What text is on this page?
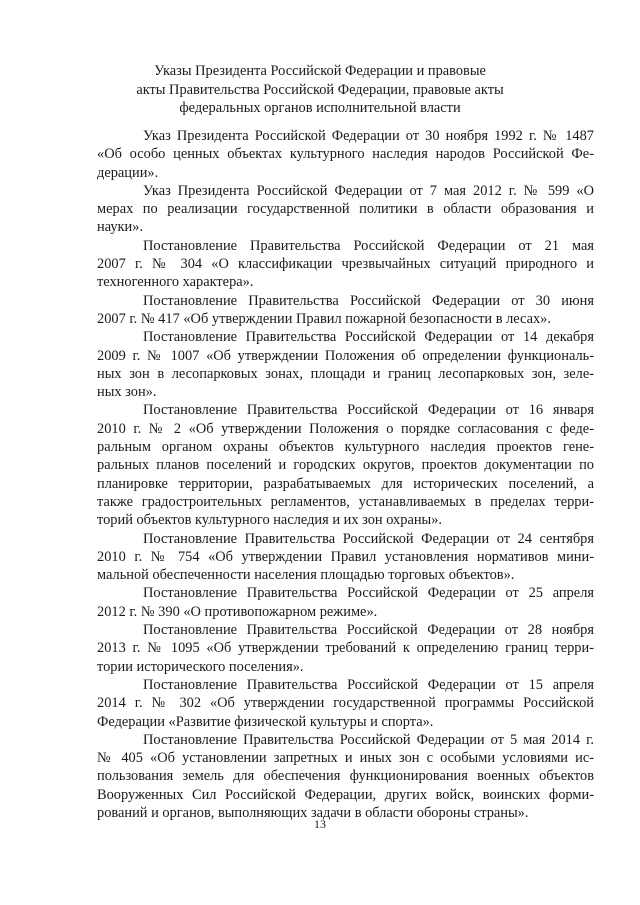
Указы Президента Российской Федерации и правовые
акты Правительства Российской Федерации, правовые акты
федеральных органов исполнительной власти
Указ Президента Российской Федерации от 30 ноября 1992 г. № 1487
«Об особо ценных объектах культурного наследия народов Российской Фе-
дерации».
Указ Президента Российской Федерации от 7 мая 2012 г. № 599 «О
мерах по реализации государственной политики в области образования и
науки».
Постановление Правительства Российской Федерации от 21 мая
2007 г. № 304 «О классификации чрезвычайных ситуаций природного и
техногенного характера».
Постановление Правительства Российской Федерации от 30 июня
2007 г. № 417 «Об утверждении Правил пожарной безопасности в лесах».
Постановление Правительства Российской Федерации от 14 декабря
2009 г. № 1007 «Об утверждении Положения об определении функциональ-
ных зон в лесопарковых зонах, площади и границ лесопарковых зон, зеле-
ных зон».
Постановление Правительства Российской Федерации от 16 января
2010 г. № 2 «Об утверждении Положения о порядке согласования с феде-
ральным органом охраны объектов культурного наследия проектов гене-
ральных планов поселений и городских округов, проектов документации по
планировке территории, разрабатываемых для исторических поселений, а
также градостроительных регламентов, устанавливаемых в пределах терри-
торий объектов культурного наследия и их зон охраны».
Постановление Правительства Российской Федерации от 24 сентября
2010 г. № 754 «Об утверждении Правил установления нормативов мини-
мальной обеспеченности населения площадью торговых объектов».
Постановление Правительства Российской Федерации от 25 апреля
2012 г. № 390 «О противопожарном режиме».
Постановление Правительства Российской Федерации от 28 ноября
2013 г. № 1095 «Об утверждении требований к определению границ терри-
тории исторического поселения».
Постановление Правительства Российской Федерации от 15 апреля
2014 г. № 302 «Об утверждении государственной программы Российской
Федерации «Развитие физической культуры и спорта».
Постановление Правительства Российской Федерации от 5 мая 2014 г.
№ 405 «Об установлении запретных и иных зон с особыми условиями ис-
пользования земель для обеспечения функционирования военных объектов
Вооруженных Сил Российской Федерации, других войск, воинских форми-
рований и органов, выполняющих задачи в области обороны страны».
13
